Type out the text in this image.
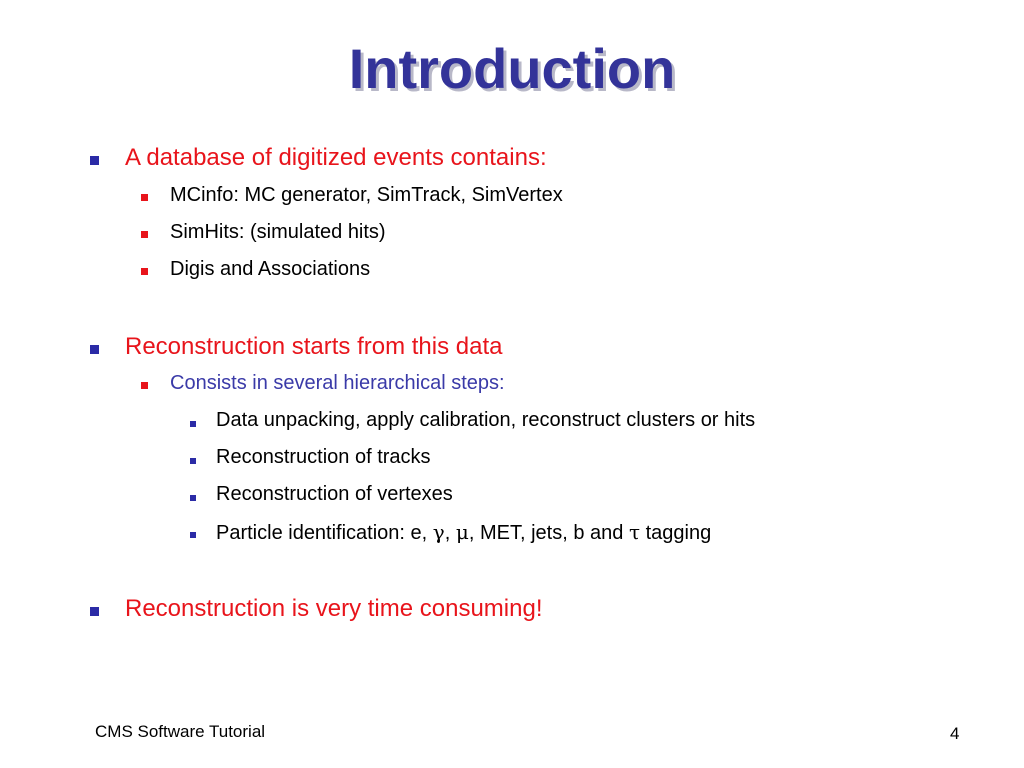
Introduction
A database of digitized events contains:
MCinfo: MC generator, SimTrack, SimVertex
SimHits: (simulated hits)
Digis and Associations
Reconstruction starts from this data
Consists in several hierarchical steps:
Data unpacking, apply calibration, reconstruct clusters or hits
Reconstruction of tracks
Reconstruction of vertexes
Particle identification: e, γ, μ, MET, jets, b and τ tagging
Reconstruction is very time consuming!
CMS Software Tutorial	4
